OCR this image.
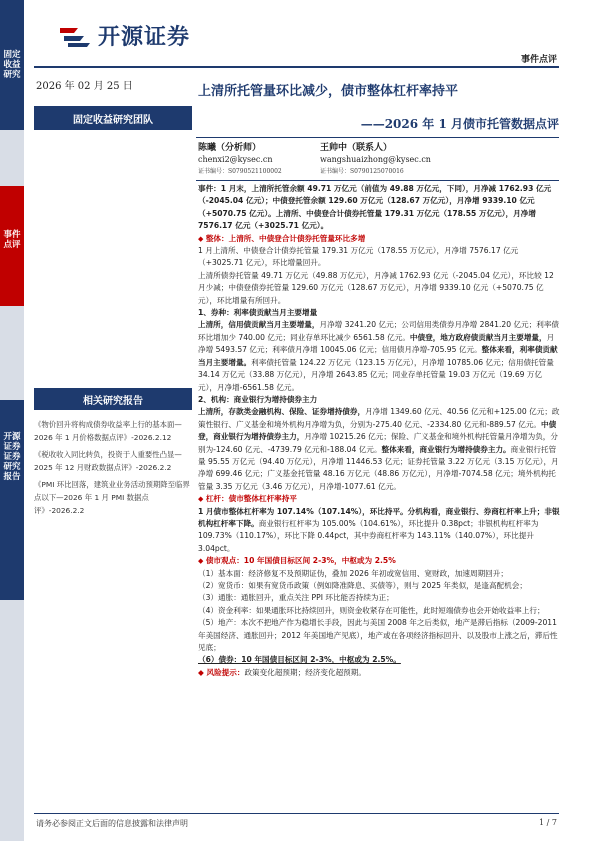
固定收益研究
事件点评
开源证券 证券研究报告
开源证券
事件点评
2026 年 02 月 25 日
固定收益研究团队
上清所托管量环比减少，债市整体杠杆率持平
——2026 年 1 月债市托管数据点评
陈曦（分析师）
chenxi2@kysec.cn
证书编号：S0790521100002
王帅中（联系人）
wangshuaizhong@kysec.cn
证书编号：S0790125070016
相关研究报告

《物价回升将构成债券收益率上行的基本面—2026 年 1 月价格数据点评》-2026.2.12

《税收收入同比转负，投资于人重要性凸显—2025 年 12 月财政数据点评》-2026.2.2

《PMI 环比回落，建筑业业务活动预期降至临界点以下—2026 年 1 月 PMI 数据点评》-2026.2.2

事件：1 月末，上清所托管余额 49.71 万亿元（前值为 49.88 万亿元，下同），月净减 1762.93 亿元（-2045.04 亿元）；中债登托管余额 129.60 万亿元（128.67 万亿元），月净增 9339.10 亿元（+5070.75 亿元）。上清所、中债登合计债券托管量 179.31 万亿元（178.55 万亿元），月净增 7576.17 亿元（+3025.71 亿元）。

◆ 整体：上清所、中债登合计债券托管量环比多增

1 月上清所、中债登合计债券托管量 179.31 万亿元（178.55 万亿元），月净增 7576.17 亿元（+3025.71 亿元），环比增量回升。

上清所债券托管量 49.71 万亿元（49.88 万亿元），月净减 1762.93 亿元（-2045.04 亿元），环比较 12 月少减；中债登债券托管量 129.60 万亿元（128.67 万亿元），月净增 9339.10 亿元（+5070.75 亿元），环比增量有所回升。

1、券种：利率债贡献当月主要增量

上清所，信用债贡献当月主要增量，月净增 3241.20 亿元；公司信用类债券月净增 2841.20 亿元；利率债环比增加少 740.00 亿元；同业存单环比减少 6561.58 亿元。中债登，地方政府债贡献当月主要增量，月净增 5493.57 亿元；利率债月净增 10045.06 亿元；信用债月净增-705.95 亿元。整体来看，利率债贡献当月主要增量。利率债托管量 124.22 万亿元（123.15 万亿元），月净增 10785.06 亿元；信用债托管量 34.14 万亿元（33.88 万亿元），月净增 2643.85 亿元；同业存单托管量 19.03 万亿元（19.69 万亿元），月净增-6561.58 亿元。

2、机构：商业银行为增持债券主力

上清所，存款类金融机构、保险、证券增持债券，月净增 1349.60 亿元、40.56 亿元和+125.00 亿元；政策性银行、广义基金和境外机构月净增为负，分别为-275.40 亿元、-2334.80 亿元和-889.57 亿元。中债登，商业银行为增持债券主力，月净增 10215.26 亿元；保险、广义基金和境外机构托管量月净增为负，分别为-124.60 亿元、-4739.79 亿元和-188.04 亿元。整体来看，商业银行为增持债券主力。商业银行托管量 95.55 万亿元（94.40 万亿元），月净增 11446.53 亿元；证券托管量 3.22 万亿元（3.15 万亿元），月净增 699.46 亿元；广义基金托管量 48.16 万亿元（48.86 万亿元），月净增-7074.58 亿元；境外机构托管量 3.35 万亿元（3.46 万亿元），月净增-1077.61 亿元。

◆ 杠杆：债市整体杠杆率持平

1 月债市整体杠杆率为 107.14%（107.14%），环比持平。分机构看，商业银行、券商杠杆率上升；非银机构杠杆率下降。商业银行杠杆率为 105.00%（104.61%），环比提升 0.38pct；非银机构杠杆率为 109.73%（110.17%），环比下降 0.44pct，其中券商杠杆率为 143.11%（140.07%），环比提升 3.04pct。

◆ 债市观点：10 年国债目标区间 2-3%，中枢或为 2.5%

（1）基本面：经济修复不及预期证伪，叠加 2026 年初或宽信用、宽财政，加速周期回升；

（2）宽货币：如果有宽货币政策（例如降准降息、买债等），则与 2025 年类似，是逢高配机会；

（3）通胀：通胀回升，重点关注 PPI 环比能否持续为正；

（4）资金利率：如果通胀环比持续回升，则资金收紧存在可能性，此时短端债券也会开始收益率上行；

（5）地产：本次不把地产作为稳增长手段，因此与美国 2008 年之后类似，地产是滞后指标（2009-2011 年美国经济、通胀回升；2012 年美国地产见底），地产或在各项经济指标回升、以及股市上涨之后，滞后性见底；

（6）债券：10 年国债目标区间 2-3%，中枢或为 2.5%。

◆ 风险提示：政策变化超预期；经济变化超预期。

请务必参阅正文后面的信息披露和法律声明	1 / 7
